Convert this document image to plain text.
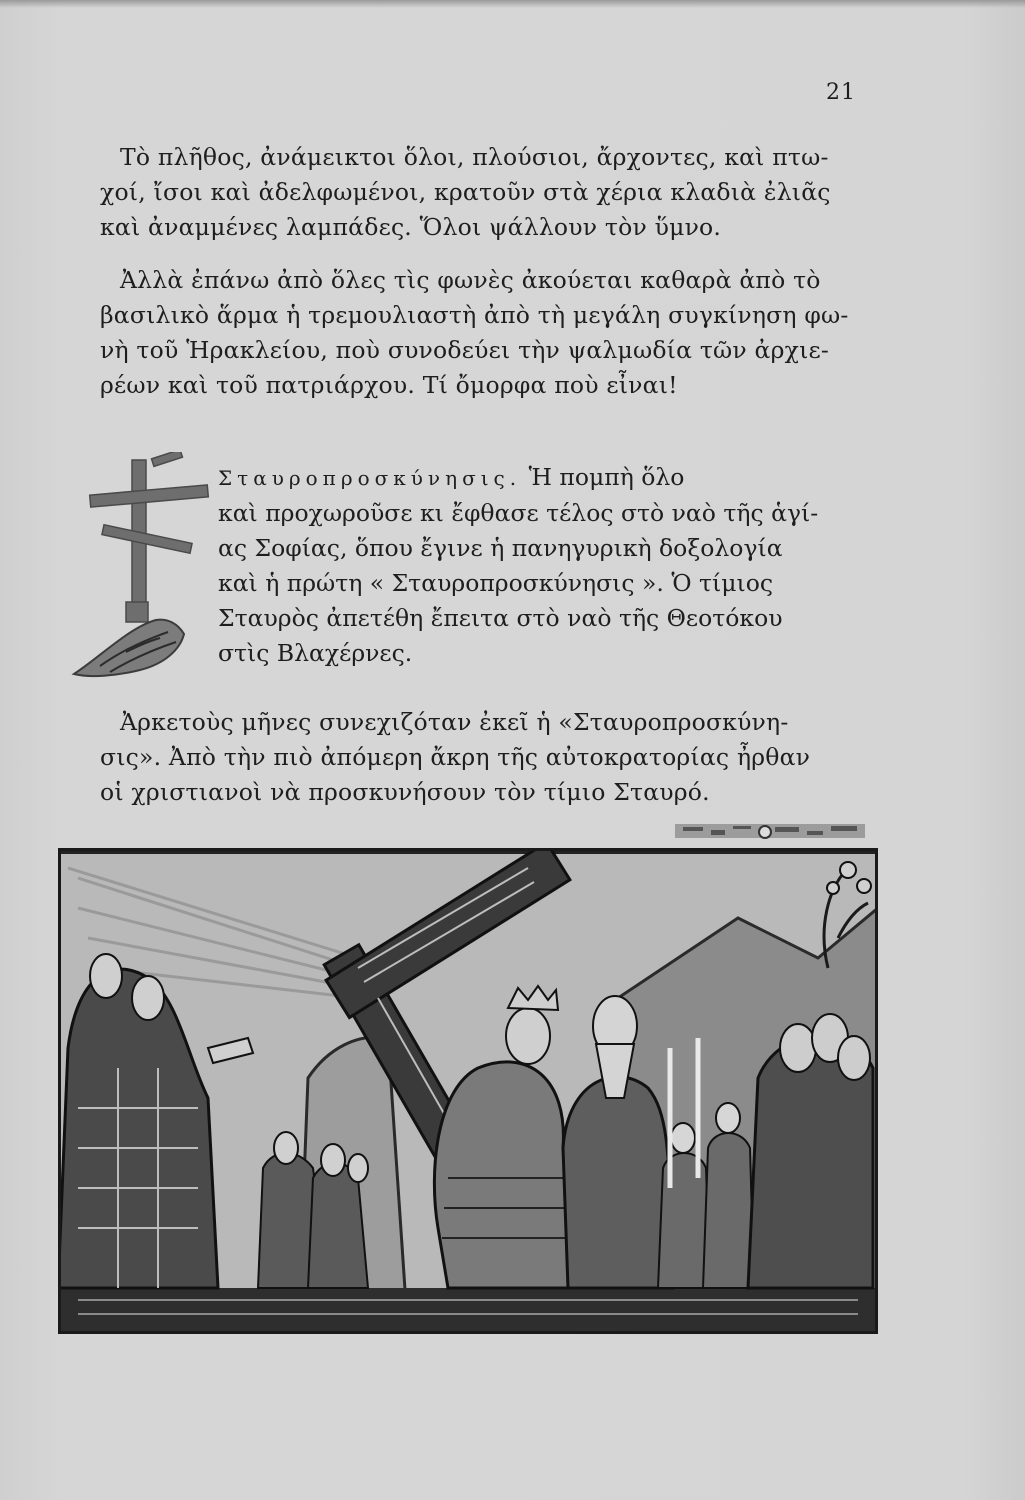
21

Τὸ πλῆθος, ἀνάμεικτοι ὅλοι, πλούσιοι, ἄρχοντες, καὶ πτω-
χοί, ἴσοι καὶ ἀδελφωμένοι, κρατοῦν στὰ χέρια κλαδιὰ ἐλιᾶς
καὶ ἀναμμένες λαμπάδες. Ὅλοι ψάλλουν τὸν ὕμνο.

Ἀλλὰ ἐπάνω ἀπὸ ὅλες τὶς φωνὲς ἀκούεται καθαρὰ ἀπὸ τὸ
βασιλικὸ ἅρμα ἡ τρεμουλιαστὴ ἀπὸ τὴ μεγάλη συγκίνηση φω-
νὴ τοῦ Ἡρακλείου, ποὺ συνοδεύει τὴν ψαλμωδία τῶν ἀρχιε-
ρέων καὶ τοῦ πατριάρχου. Τί ὄμορφα ποὺ εἶναι!

Σταυροπροσκύνησις. Ἡ πομπὴ ὅλο
καὶ προχωροῦσε κι ἔφθασε τέλος στὸ ναὸ τῆς ἁγί-
ας Σοφίας, ὅπου ἔγινε ἡ πανηγυρικὴ δοξολογία
καὶ ἡ πρώτη « Σταυροπροσκύνησις ». Ὁ τίμιος
Σταυρὸς ἀπετέθη ἔπειτα στὸ ναὸ τῆς Θεοτόκου
στὶς Βλαχέρνες.

Ἀρκετοὺς μῆνες συνεχιζόταν ἐκεῖ ἡ «Σταυροπροσκύνη-
σις». Ἀπὸ τὴν πιὸ ἀπόμερη ἄκρη τῆς αὐτοκρατορίας ἦρθαν
οἱ χριστιανοὶ νὰ προσκυνήσουν τὸν τίμιο Σταυρό.
